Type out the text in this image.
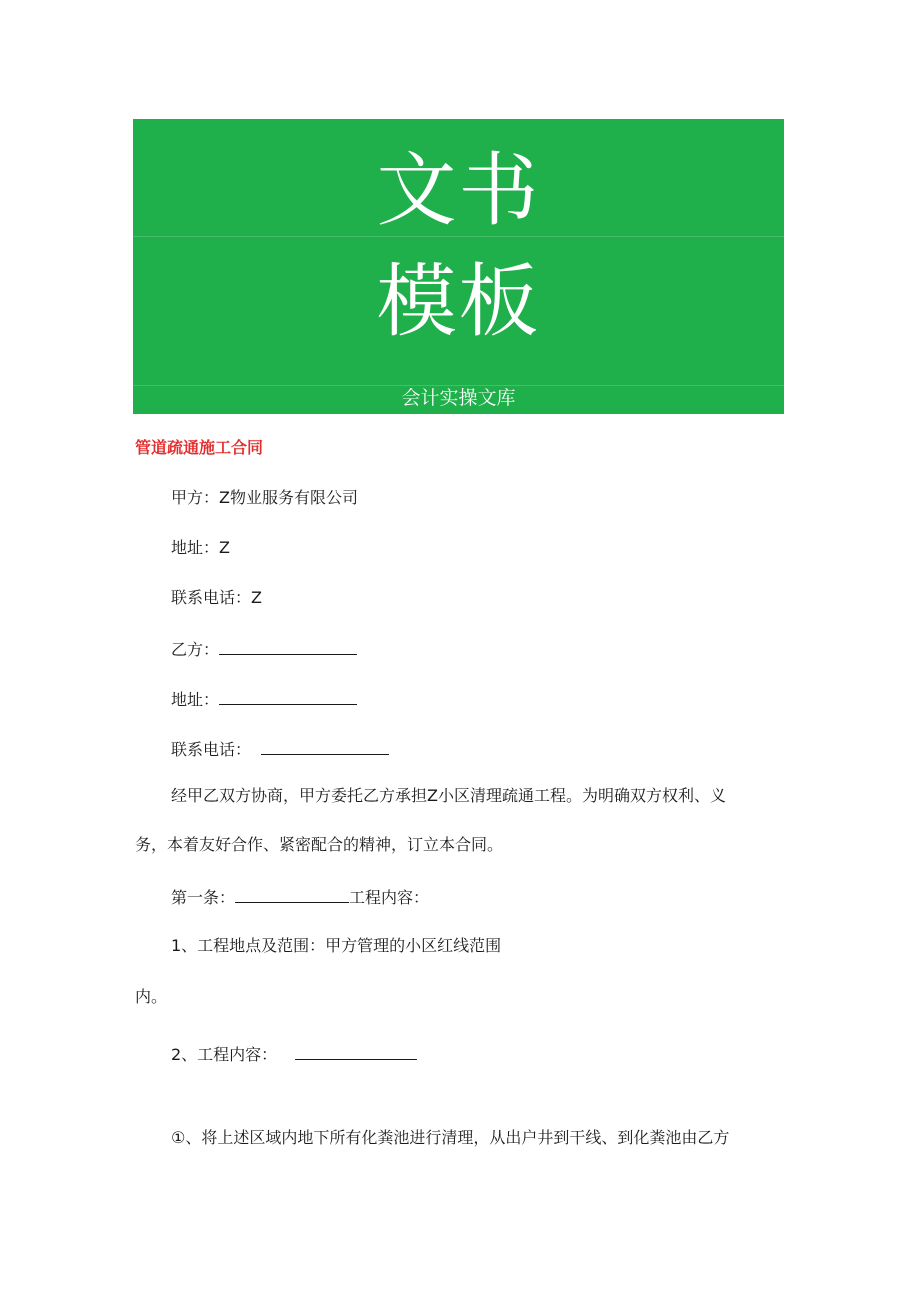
文书
模板
会计实操文库
管道疏通施工合同
甲方：Z物业服务有限公司
地址：Z
联系电话：Z
乙方：
地址：
联系电话：
经甲乙双方协商，甲方委托乙方承担Z小区清理疏通工程。为明确双方权利、义
务，本着友好合作、紧密配合的精神，订立本合同。
第一条：	工程内容：
1、工程地点及范围：甲方管理的小区红线范围
内。
2、工程内容：
①、将上述区域内地下所有化粪池进行清理，从出户井到干线、到化粪池由乙方
